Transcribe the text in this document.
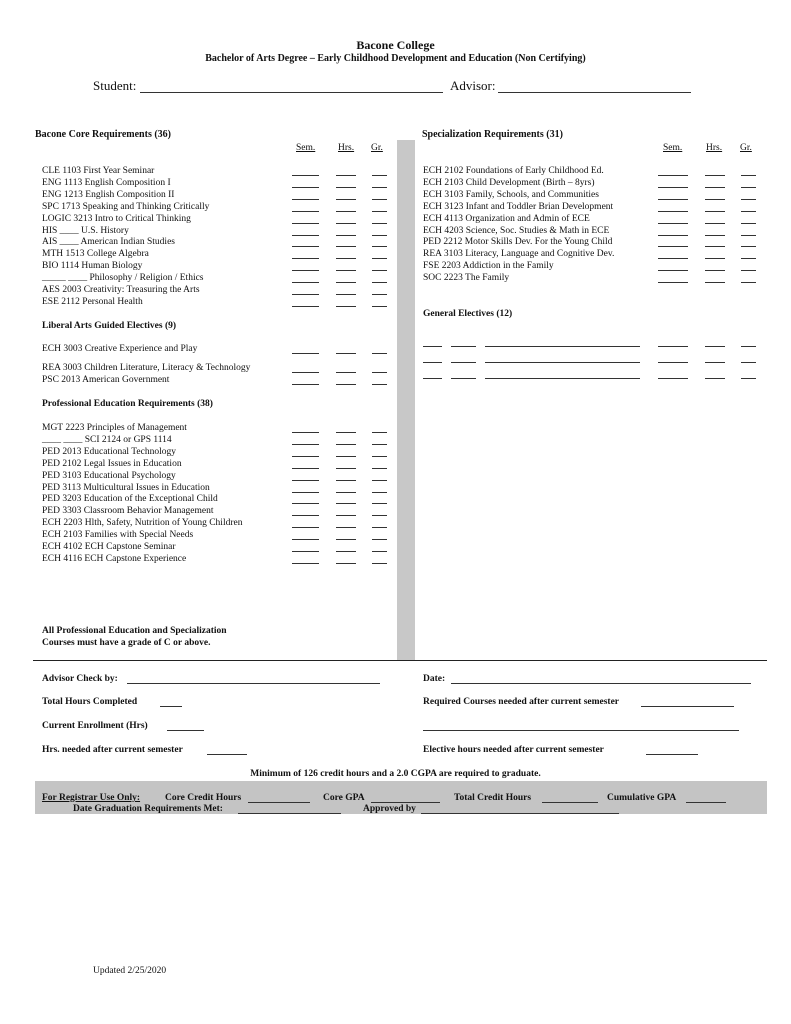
Bacone College
Bachelor of Arts Degree – Early Childhood Development and Education (Non Certifying)
Student:	Advisor:
Bacone Core Requirements (36)
Sem. Hrs. Gr.
CLE 1103 First Year Seminar
ENG 1113 English Composition I
ENG 1213 English Composition II
SPC 1713 Speaking and Thinking Critically
LOGIC 3213 Intro to Critical Thinking
HIS ____ U.S. History
AIS ____ American Indian Studies
MTH 1513 College Algebra
BIO 1114 Human Biology
_____ ____ Philosophy / Religion / Ethics
AES 2003 Creativity: Treasuring the Arts
ESE 2112 Personal Health
Liberal Arts Guided Electives (9)
ECH 3003 Creative Experience and Play
REA 3003 Children Literature, Literacy & Technology
PSC 2013 American Government
Professional Education Requirements (38)
MGT 2223 Principles of Management
____ ____ SCI 2124 or GPS 1114
PED 2013 Educational Technology
PED 2102 Legal Issues in Education
PED 3103 Educational Psychology
PED 3113 Multicultural Issues in Education
PED 3203 Education of the Exceptional Child
PED 3303 Classroom Behavior Management
ECH 2203 Hlth, Safety, Nutrition of Young Children
ECH 2103 Families with Special Needs
ECH 4102 ECH Capstone Seminar
ECH 4116 ECH Capstone Experience
All Professional Education and Specialization
Courses must have a grade of C or above.
Specialization Requirements (31)
Sem. Hrs. Gr.
ECH 2102 Foundations of Early Childhood Ed.
ECH 2103 Child Development (Birth – 8yrs)
ECH 3103 Family, Schools, and Communities
ECH 3123 Infant and Toddler Brian Development
ECH 4113 Organization and Admin of ECE
ECH 4203 Science, Soc. Studies & Math in ECE
PED 2212 Motor Skills Dev. For the Young Child
REA 3103 Literacy, Language and Cognitive Dev.
FSE 2203 Addiction in the Family
SOC 2223 The Family
General Electives (12)
Advisor Check by:	Date:
Total Hours Completed	Required Courses needed after current semester
Current Enrollment (Hrs)
Hrs. needed after current semester	Elective hours needed after current semester
Minimum of 126 credit hours and a 2.0 CGPA are required to graduate.
For Registrar Use Only:	Core Credit Hours	Core GPA	Total Credit Hours	Cumulative GPA
Date Graduation Requirements Met:	Approved by
Updated 2/25/2020
